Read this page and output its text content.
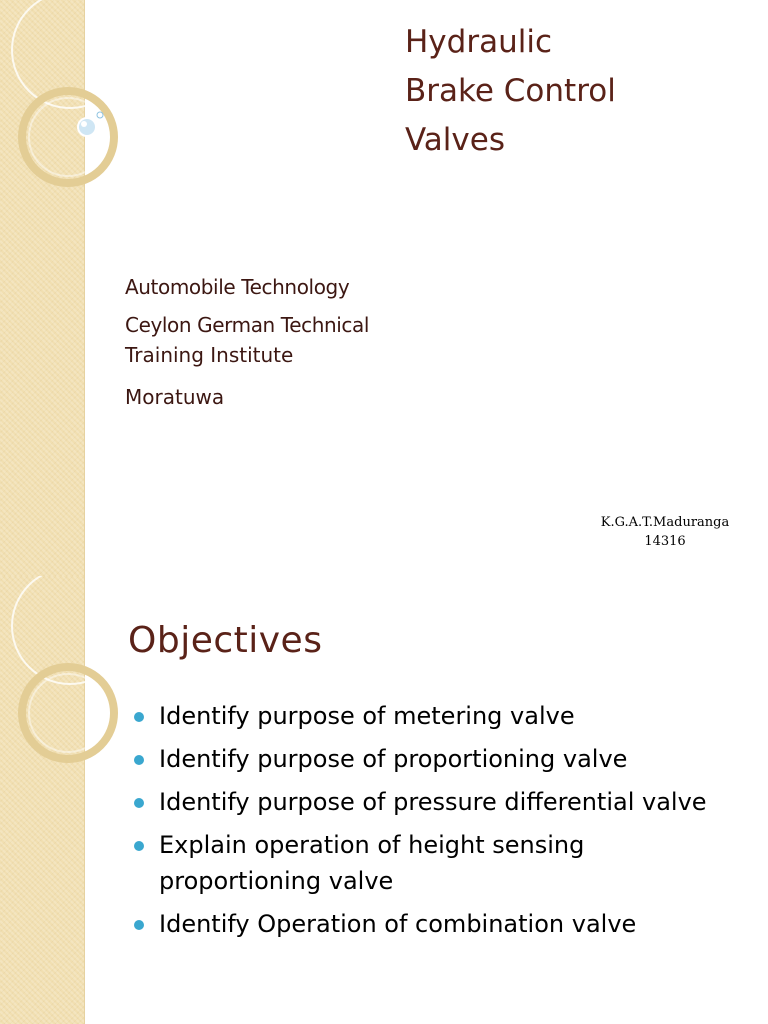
Hydraulic
Brake Control
Valves
Automobile Technology
Ceylon German Technical
Training Institute
Moratuwa
K.G.A.T.Maduranga
14316
Objectives
Identify purpose of metering valve
Identify purpose of proportioning valve
Identify purpose of pressure differential valve
Explain operation of height sensing proportioning valve
Identify Operation of combination valve
